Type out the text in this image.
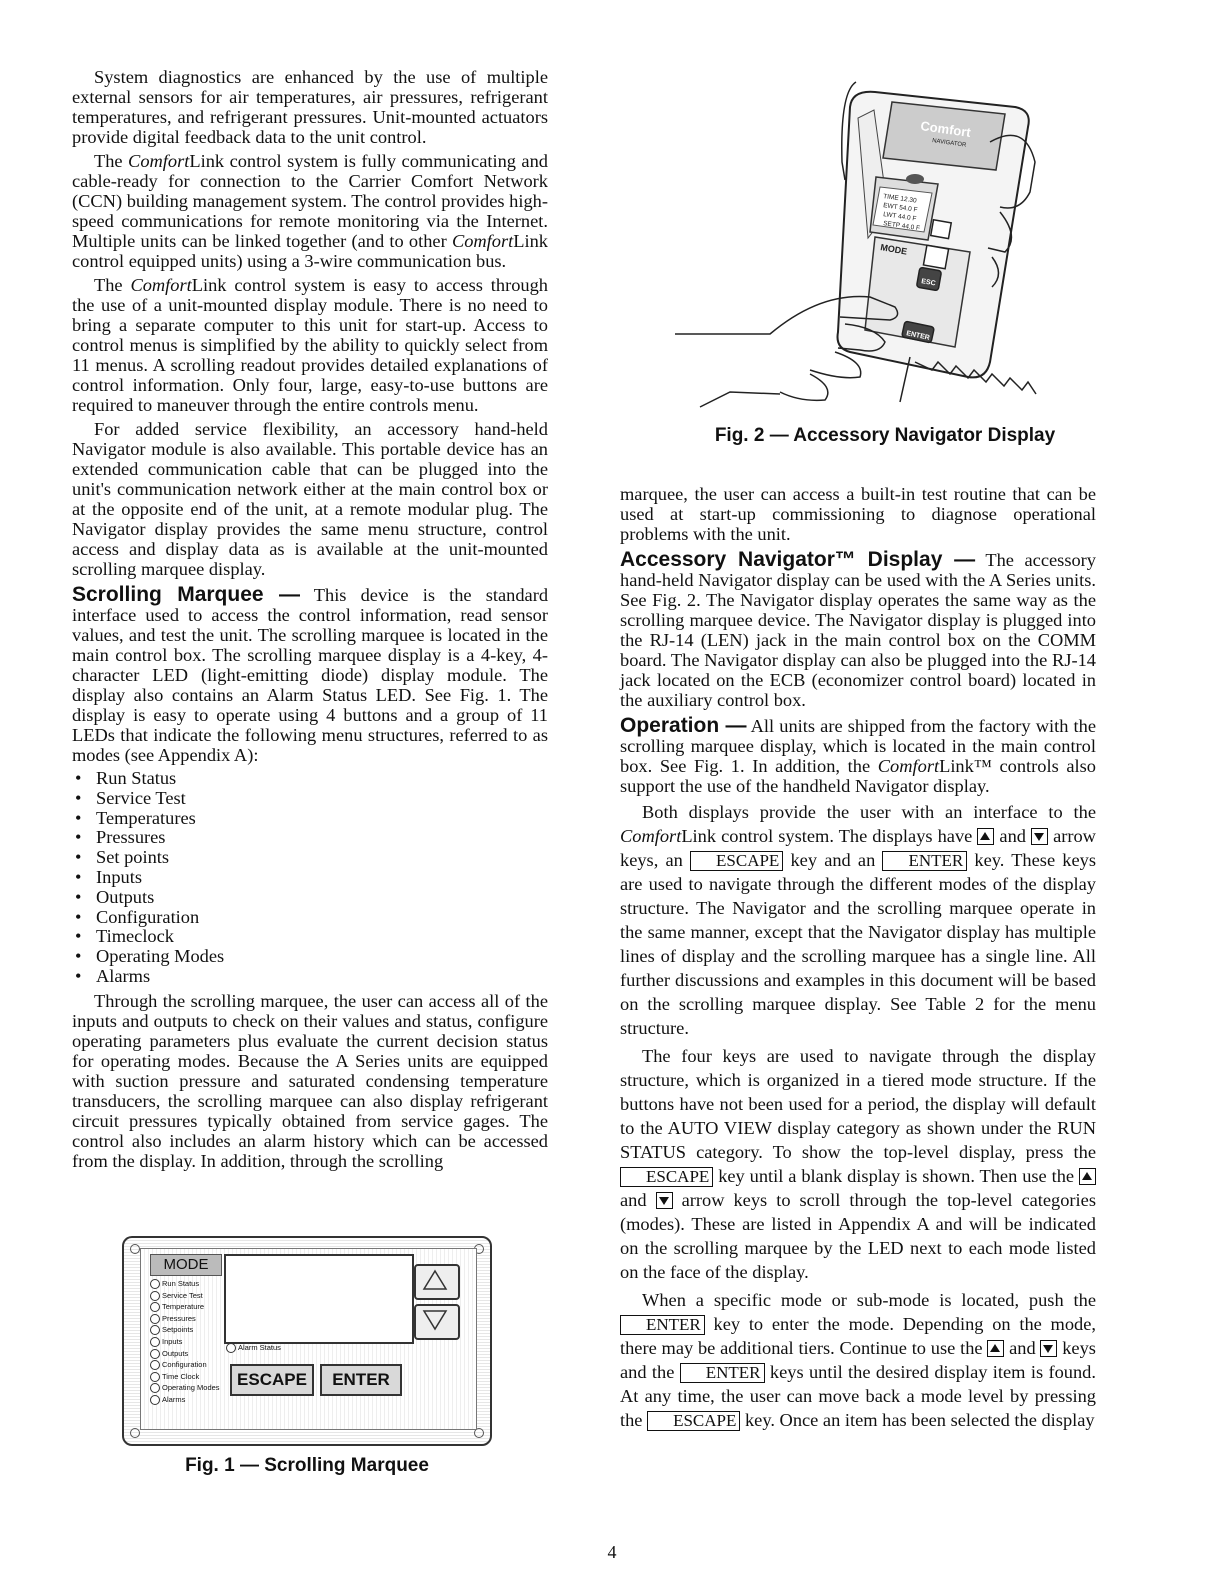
System diagnostics are enhanced by the use of multiple external sensors for air temperatures, air pressures, refrigerant temperatures, and refrigerant pressures. Unit-mounted actuators provide digital feedback data to the unit control.

The ComfortLink control system is fully communicating and cable-ready for connection to the Carrier Comfort Network (CCN) building management system. The control provides high-speed communications for remote monitoring via the Internet. Multiple units can be linked together (and to other ComfortLink control equipped units) using a 3-wire communication bus.

The ComfortLink control system is easy to access through the use of a unit-mounted display module. There is no need to bring a separate computer to this unit for start-up. Access to control menus is simplified by the ability to quickly select from 11 menus. A scrolling readout provides detailed explanations of control information. Only four, large, easy-to-use buttons are required to maneuver through the entire controls menu.

For added service flexibility, an accessory hand-held Navigator module is also available. This portable device has an extended communication cable that can be plugged into the unit's communication network either at the main control box or at the opposite end of the unit, at a remote modular plug. The Navigator display provides the same menu structure, control access and display data as is available at the unit-mounted scrolling marquee display.

Scrolling Marquee — This device is the standard interface used to access the control information, read sensor values, and test the unit. The scrolling marquee is located in the main control box. The scrolling marquee display is a 4-key, 4-character LED (light-emitting diode) display module. The display also contains an Alarm Status LED. See Fig. 1. The display is easy to operate using 4 buttons and a group of 11 LEDs that indicate the following menu structures, referred to as modes (see Appendix A):

• Run Status
• Service Test
• Temperatures
• Pressures
• Set points
• Inputs
• Outputs
• Configuration
• Timeclock
• Operating Modes
• Alarms

Through the scrolling marquee, the user can access all of the inputs and outputs to check on their values and status, configure operating parameters plus evaluate the current decision status for operating modes. Because the A Series units are equipped with suction pressure and saturated condensing temperature transducers, the scrolling marquee can also display refrigerant circuit pressures typically obtained from service gages. The control also includes an alarm history which can be accessed from the display. In addition, through the scrolling

MODE
Run Status
Service Test
Temperature
Pressures
Setpoints
Inputs
Outputs
Configuration
Time Clock
Operating Modes
Alarms
Alarm Status
ESCAPE	ENTER
Fig. 1 — Scrolling Marquee
Comfort
NAVIGATOR
MODE
TIME 12.30
EWT 54.0 F
LWT 44.0 F
SETP 44.0 F
ESC
ENTER
Fig. 2 — Accessory Navigator Display

marquee, the user can access a built-in test routine that can be used at start-up commissioning to diagnose operational problems with the unit.

Accessory Navigator™ Display — The accessory hand-held Navigator display can be used with the A Series units. See Fig. 2. The Navigator display operates the same way as the scrolling marquee device. The Navigator display is plugged into the RJ-14 (LEN) jack in the main control box on the COMM board. The Navigator display can also be plugged into the RJ-14 jack located on the ECB (economizer control board) located in the auxiliary control box.

Operation — All units are shipped from the factory with the scrolling marquee display, which is located in the main control box. See Fig. 1. In addition, the ComfortLink™ controls also support the use of the handheld Navigator display.

Both displays provide the user with an interface to the ComfortLink control system. The displays have and arrow keys, an ESCAPE key and an ENTER key. These keys are used to navigate through the different modes of the display structure. The Navigator and the scrolling marquee operate in the same manner, except that the Navigator display has multiple lines of display and the scrolling marquee has a single line. All further discussions and examples in this document will be based on the scrolling marquee display. See Table 2 for the menu structure.

The four keys are used to navigate through the display structure, which is organized in a tiered mode structure. If the buttons have not been used for a period, the display will default to the AUTO VIEW display category as shown under the RUN STATUS category. To show the top-level display, press the ESCAPE key until a blank display is shown. Then use the  and arrow keys to scroll through the top-level categories (modes). These are listed in Appendix A and will be indicated on the scrolling marquee by the LED next to each mode listed on the face of the display.

When a specific mode or sub-mode is located, push the ENTER key to enter the mode. Depending on the mode, there may be additional tiers. Continue to use the and keys and the ENTER keys until the desired display item is found. At any time, the user can move back a mode level by pressing the ESCAPE key. Once an item has been selected the display

4
